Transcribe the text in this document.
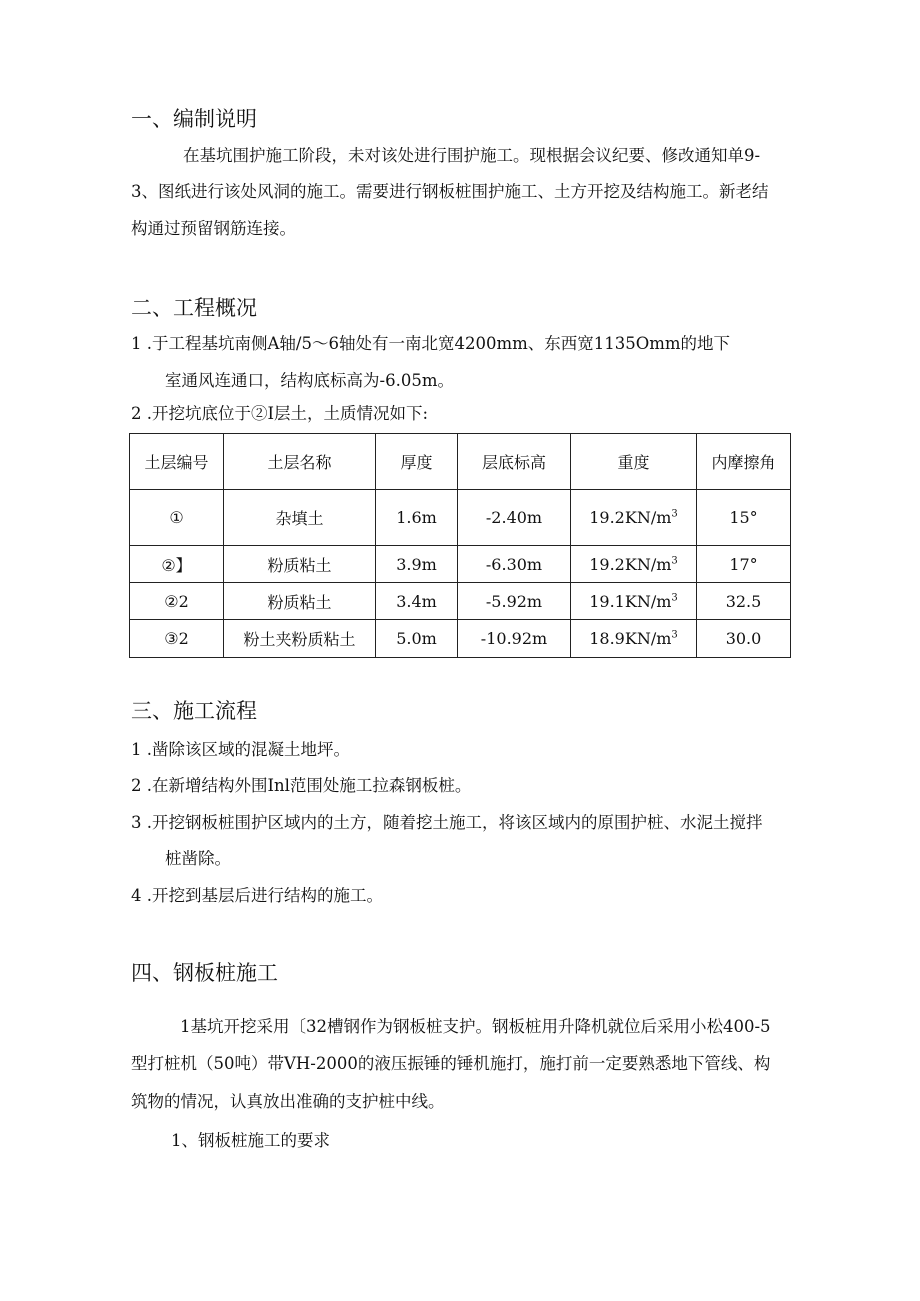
一、编制说明
在基坑围护施工阶段，未对该处进行围护施工。现根据会议纪要、修改通知单9-
3、图纸进行该处风洞的施工。需要进行钢板桩围护施工、土方开挖及结构施工。新老结
构通过预留钢筋连接。
二、工程概况
1 .于工程基坑南侧A轴/5～6轴处有一南北宽4200mm、东西宽1135Omm的地下
室通风连通口，结构底标高为-6.05m。
2 .开挖坑底位于②I层土，土质情况如下:
土层编号	土层名称	厚度	层底标高	重度	内摩擦角
①	杂填土	1.6m	-2.40m	$19.2KN∕m^3$	15°
②】	粉质粘土	3.9m	-6.30m	$19.2KN∕m^3$	17°
②2	粉质粘土	3.4m	-5.92m	$19.1KN∕m^3$	32.5
③2	粉土夹粉质粘土	5.0m	-10.92m	$18.9KN∕m^3$	30.0
三、施工流程
1 .凿除该区域的混凝土地坪。
2 .在新增结构外围Inl范围处施工拉森钢板桩。
3 .开挖钢板桩围护区域内的土方，随着挖土施工，将该区域内的原围护桩、水泥土搅拌
桩凿除。
4 .开挖到基层后进行结构的施工。
四、钢板桩施工
1基坑开挖采用〔32槽钢作为钢板桩支护。钢板桩用升降机就位后采用小松400-5
型打桩机（50吨）带VH-2000的液压振锤的锤机施打，施打前一定要熟悉地下管线、构
筑物的情况，认真放出准确的支护桩中线。
1、钢板桩施工的要求
